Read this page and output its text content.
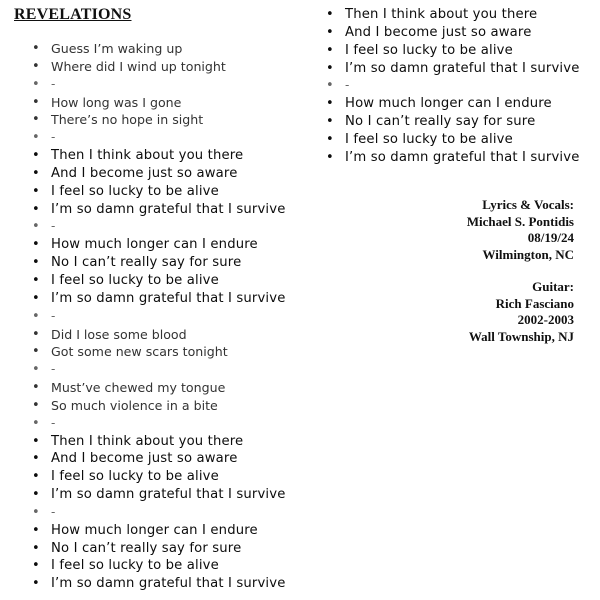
REVELATIONS
• Guess I’m waking up
• Where did I wind up tonight
• -
• How long was I gone
• There’s no hope in sight
• -
• Then I think about you there
• And I become just so aware
• I feel so lucky to be alive
• I’m so damn grateful that I survive
• -
• How much longer can I endure
• No I can’t really say for sure
• I feel so lucky to be alive
• I’m so damn grateful that I survive
• -
• Did I lose some blood
• Got some new scars tonight
• -
• Must’ve chewed my tongue
• So much violence in a bite
• -
• Then I think about you there
• And I become just so aware
• I feel so lucky to be alive
• I’m so damn grateful that I survive
• -
• How much longer can I endure
• No I can’t really say for sure
• I feel so lucky to be alive
• I’m so damn grateful that I survive
• Then I think about you there
• And I become just so aware
• I feel so lucky to be alive
• I’m so damn grateful that I survive
• -
• How much longer can I endure
• No I can’t really say for sure
• I feel so lucky to be alive
• I’m so damn grateful that I survive
Lyrics & Vocals:
Michael S. Pontidis
08/19/24
Wilmington, NC
Guitar:
Rich Fasciano
2002-2003
Wall Township, NJ
